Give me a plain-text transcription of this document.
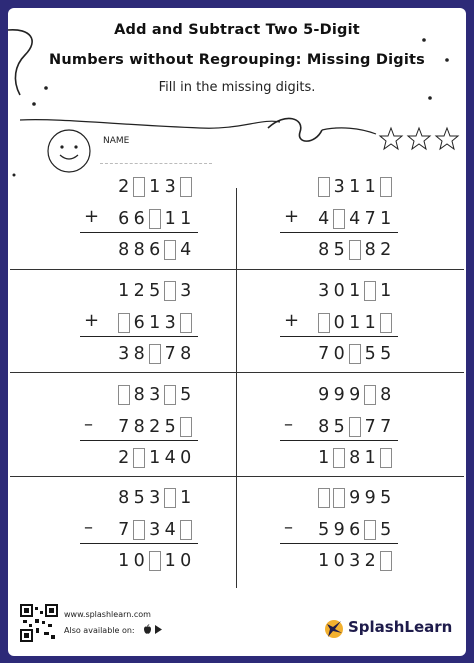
Add and Subtract Two 5-Digit
Numbers without Regrouping: Missing Digits
Fill in the missing digits.
NAME
+
2 1 3
6 6 1 1
8 8 6 4
+
3 1 1
4 4 7 1
8 5 8 2
+
1 2 5 3
6 1 3
3 8 7 8
+
3 0 1 1
0 1 1
7 0 5 5
–
8 3 5
7 8 2 5
2 1 4 0
–
9 9 9 8
8 5 7 7
1 8 1
–
8 5 3 1
7 3 4
1 0 1 0
–
9 9 5
5 9 6 5
1 0 3 2
www.splashlearn.com
Also available on:	SplashLearn
